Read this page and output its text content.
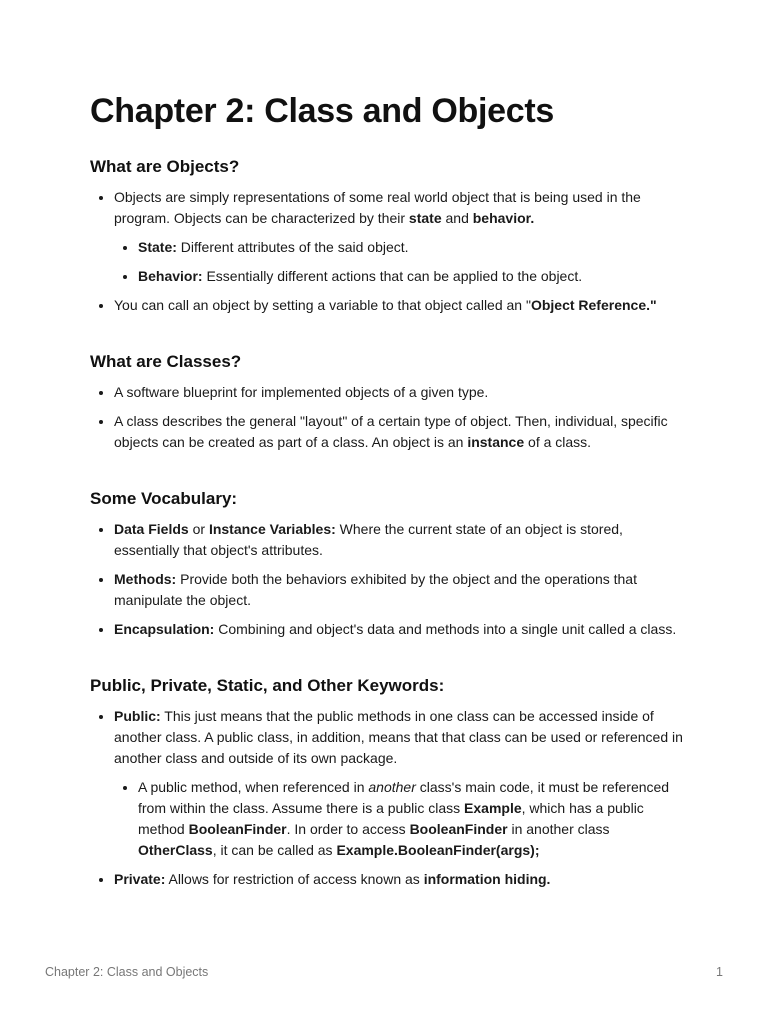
Chapter 2: Class and Objects
What are Objects?
Objects are simply representations of some real world object that is being used in the program. Objects can be characterized by their state and behavior.
State: Different attributes of the said object.
Behavior: Essentially different actions that can be applied to the object.
You can call an object by setting a variable to that object called an "Object Reference."
What are Classes?
A software blueprint for implemented objects of a given type.
A class describes the general "layout" of a certain type of object. Then, individual, specific objects can be created as part of a class. An object is an instance of a class.
Some Vocabulary:
Data Fields or Instance Variables: Where the current state of an object is stored, essentially that object's attributes.
Methods: Provide both the behaviors exhibited by the object and the operations that manipulate the object.
Encapsulation: Combining and object's data and methods into a single unit called a class.
Public, Private, Static, and Other Keywords:
Public: This just means that the public methods in one class can be accessed inside of another class. A public class, in addition, means that that class can be used or referenced in another class and outside of its own package.
A public method, when referenced in another class's main code, it must be referenced from within the class. Assume there is a public class Example, which has a public method BooleanFinder. In order to access BooleanFinder in another class OtherClass, it can be called as Example.BooleanFinder(args);
Private: Allows for restriction of access known as information hiding.
Chapter 2: Class and Objects	1
